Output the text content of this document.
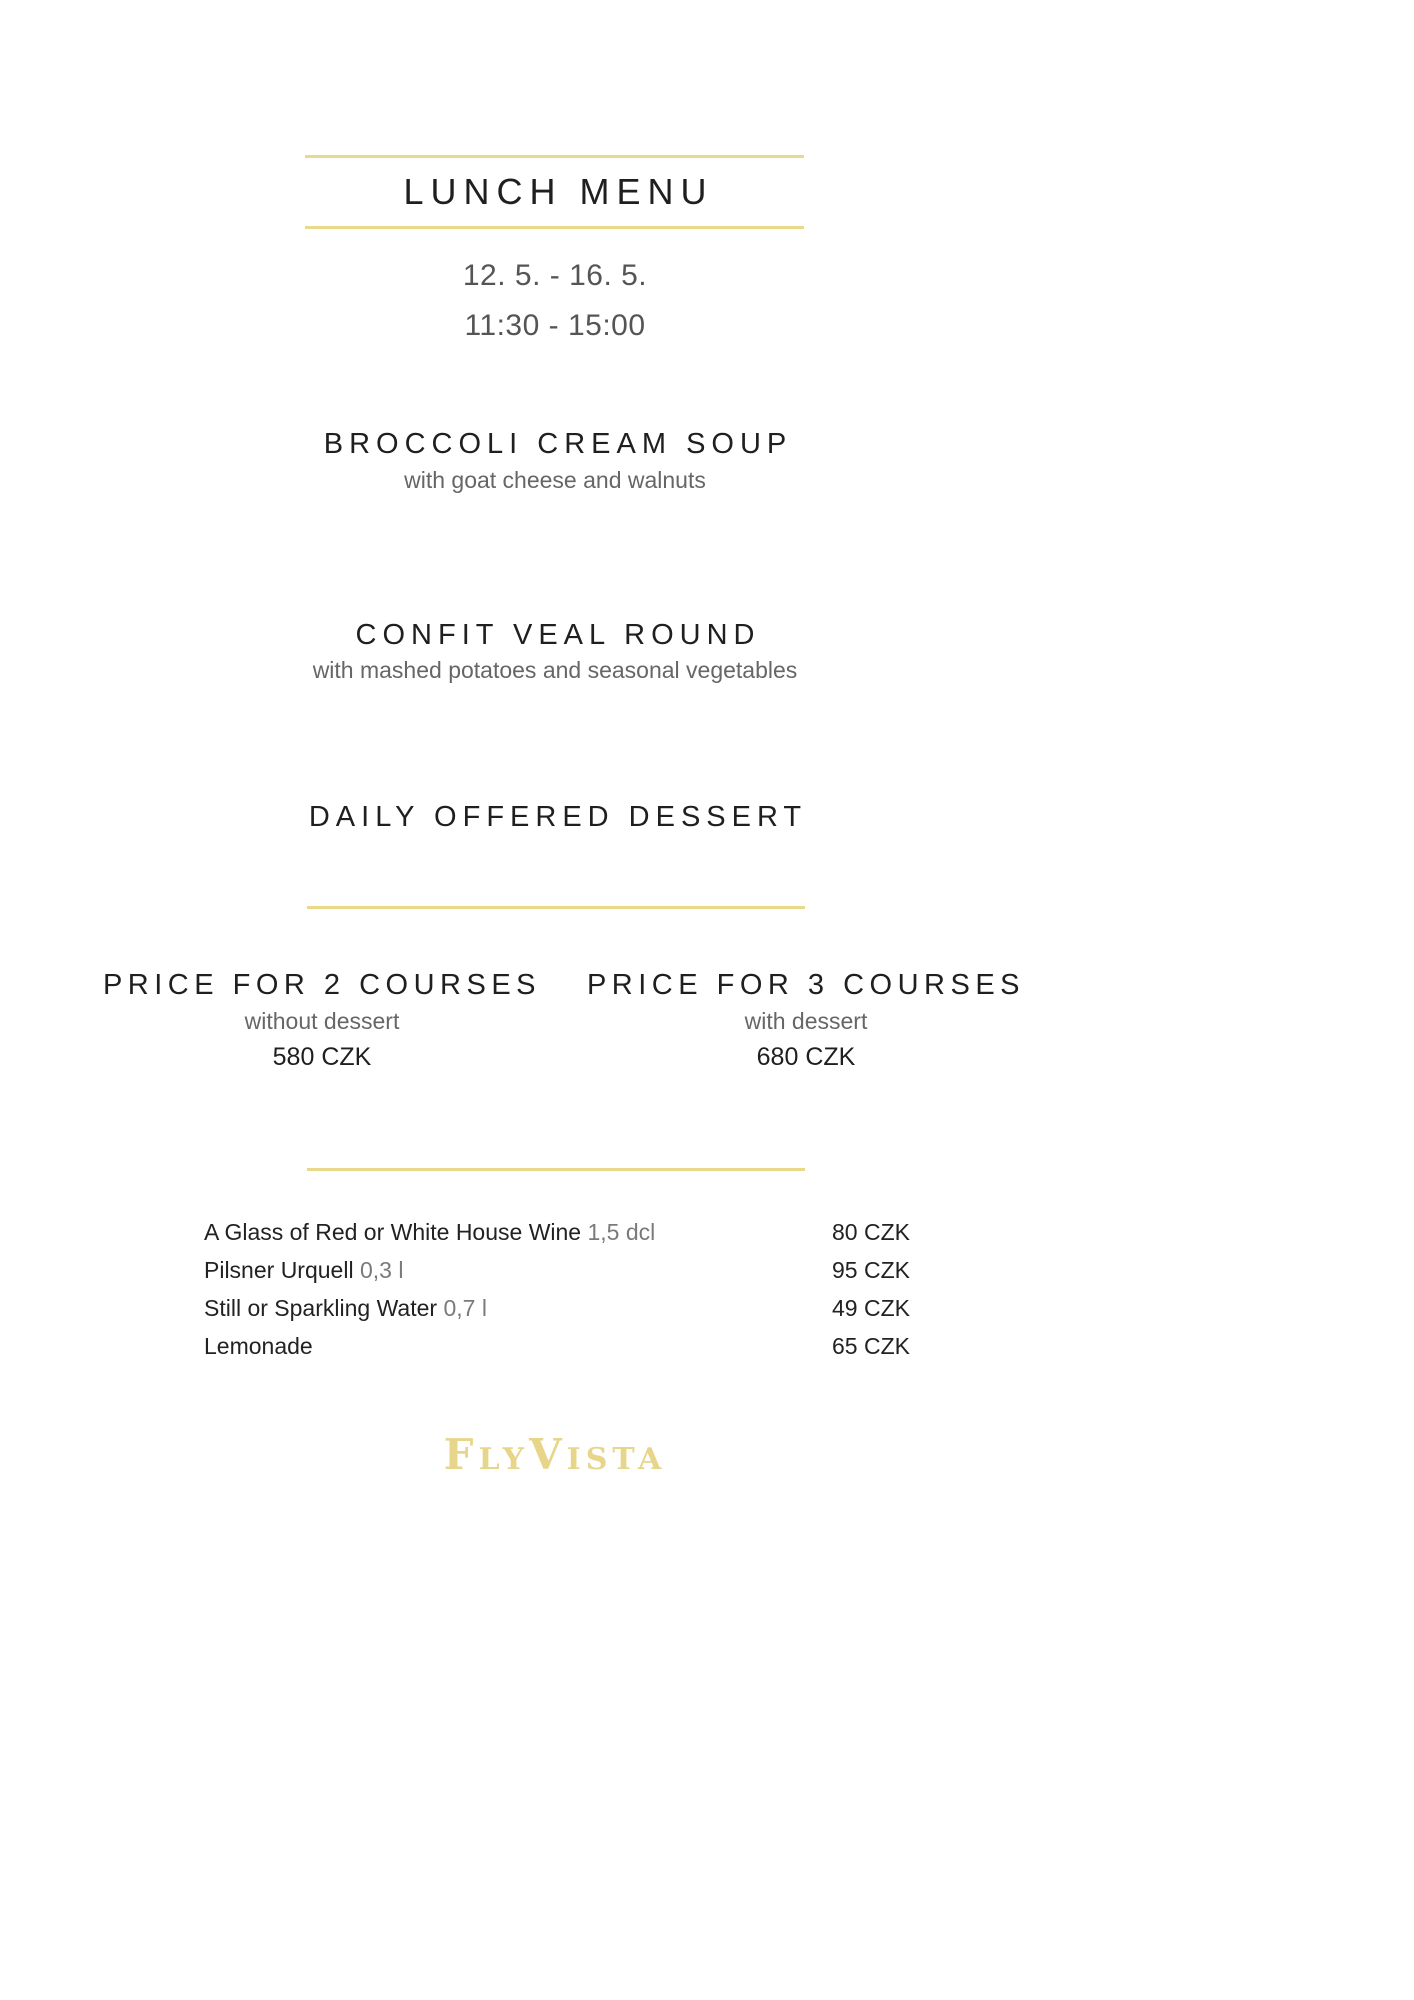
LUNCH MENU
12. 5. - 16. 5.
11:30 - 15:00
BROCCOLI CREAM SOUP
with goat cheese and walnuts
CONFIT VEAL ROUND
with mashed potatoes and seasonal vegetables
DAILY OFFERED DESSERT
PRICE FOR 2 COURSES
without dessert
580 CZK
PRICE FOR 3 COURSES
with dessert
680 CZK
A Glass of Red or White House Wine 1,5 dcl	80 CZK
Pilsner Urquell 0,3 l	95 CZK
Still or Sparkling Water 0,7 l	49 CZK
Lemonade	65 CZK
FLYVISTA
